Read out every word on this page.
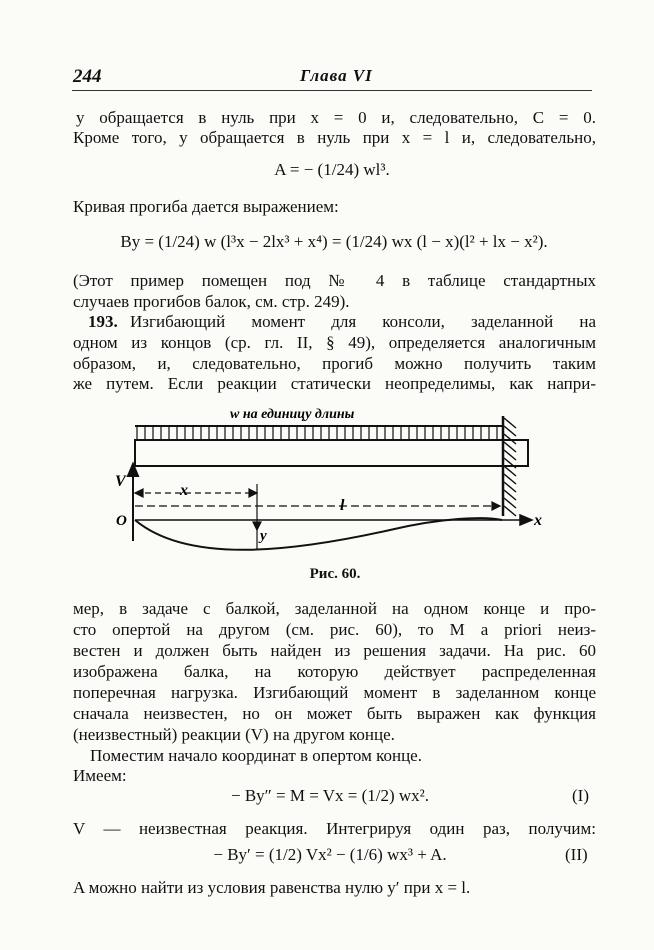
244	Глава VI
y обращается в нуль при x = 0 и, следовательно, C = 0.
Кроме того, y обращается в нуль при x = l и, следовательно,
A = − (1/24) wl³.
Кривая прогиба дается выражением:
By = (1/24) w (l³x − 2lx³ + x⁴) = (1/24) wx (l − x)(l² + lx − x²).
(Этот пример помещен под № 4 в таблице стандартных
случаев прогибов балок, см. стр. 249).
193. Изгибающий момент для консоли, заделанной на
одном из концов (ср. гл. II, § 49), определяется аналогичным
образом, и, следовательно, прогиб можно получить таким
же путем. Если реакции статически неопределимы, как напри-
w на единицу длины
V
x
l
O	x
y
Рис. 60.
мер, в задаче с балкой, заделанной на одном конце и про-
сто опертой на другом (см. рис. 60), то M a priori неиз-
вестен и должен быть найден из решения задачи. На рис. 60
изображена балка, на которую действует распределенная
поперечная нагрузка. Изгибающий момент в заделанном конце
сначала неизвестен, но он может быть выражен как функция
(неизвестный) реакции (V) на другом конце.
Поместим начало координат в опертом конце.
Имеем:
− By″ = M = Vx = (1/2) wx².	(I)
V — неизвестная реакция. Интегрируя один раз, получим:
− By′ = (1/2) Vx² − (1/6) wx³ + A.	(II)
A можно найти из условия равенства нулю y′ при x = l.
